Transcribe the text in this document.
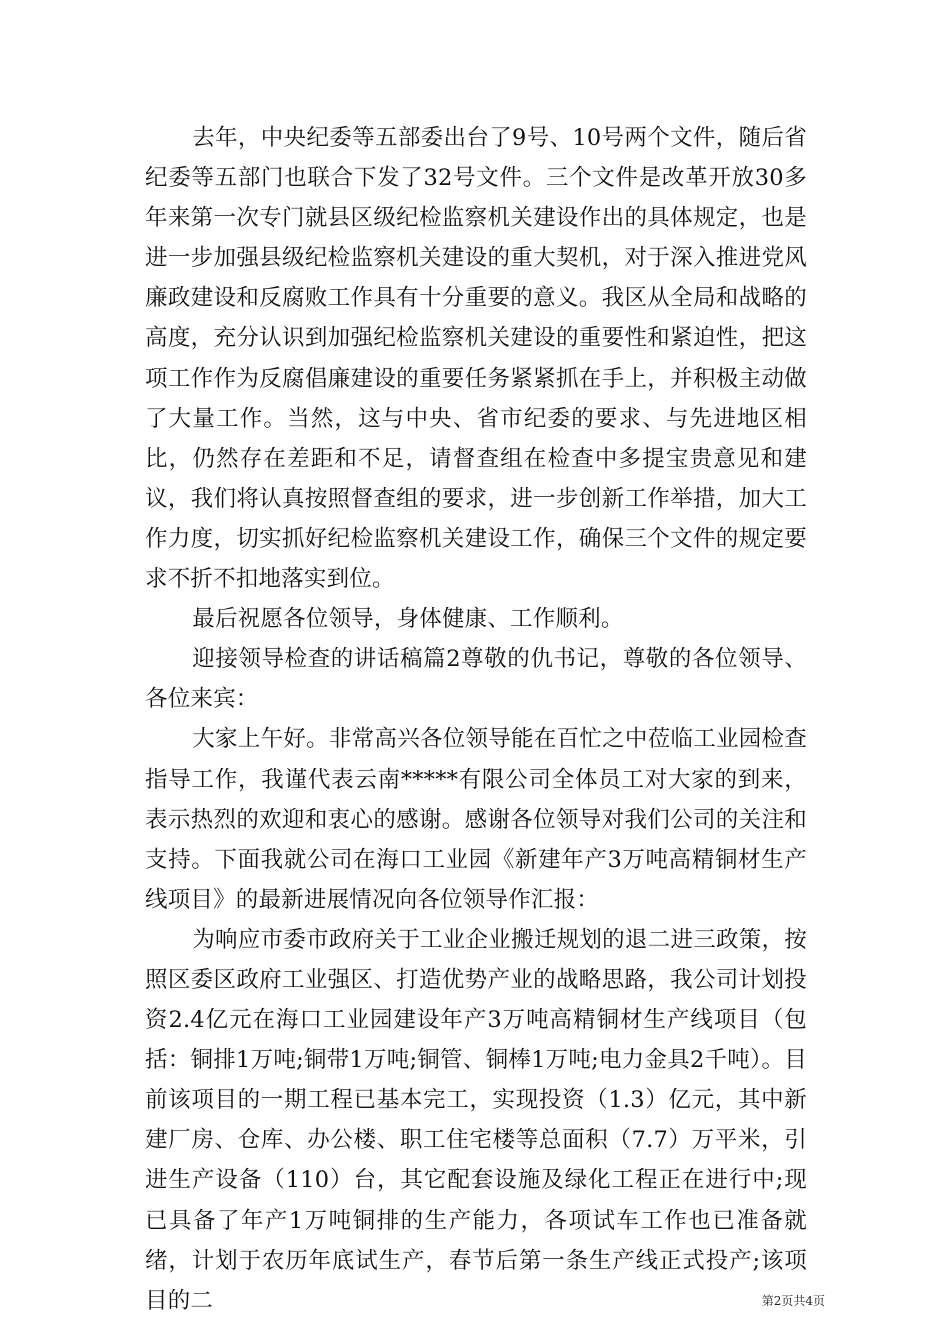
去年，中央纪委等五部委出台了9号、10号两个文件，随后省纪委等五部门也联合下发了32号文件。三个文件是改革开放30多年来第一次专门就县区级纪检监察机关建设作出的具体规定，也是进一步加强县级纪检监察机关建设的重大契机，对于深入推进党风廉政建设和反腐败工作具有十分重要的意义。我区从全局和战略的高度，充分认识到加强纪检监察机关建设的重要性和紧迫性，把这项工作作为反腐倡廉建设的重要任务紧紧抓在手上，并积极主动做了大量工作。当然，这与中央、省市纪委的要求、与先进地区相比，仍然存在差距和不足，请督查组在检查中多提宝贵意见和建议，我们将认真按照督查组的要求，进一步创新工作举措，加大工作力度，切实抓好纪检监察机关建设工作，确保三个文件的规定要求不折不扣地落实到位。

最后祝愿各位领导，身体健康、工作顺利。

迎接领导检查的讲话稿篇2尊敬的仇书记，尊敬的各位领导、各位来宾：

大家上午好。非常高兴各位领导能在百忙之中莅临工业园检查指导工作，我谨代表云南*****有限公司全体员工对大家的到来，表示热烈的欢迎和衷心的感谢。感谢各位领导对我们公司的关注和支持。下面我就公司在海口工业园《新建年产3万吨高精铜材生产线项目》的最新进展情况向各位领导作汇报：

为响应市委市政府关于工业企业搬迁规划的退二进三政策，按照区委区政府工业强区、打造优势产业的战略思路，我公司计划投资2.4亿元在海口工业园建设年产3万吨高精铜材生产线项目（包括：铜排1万吨;铜带1万吨;铜管、铜棒1万吨;电力金具2千吨）。目前该项目的一期工程已基本完工，实现投资（1.3）亿元，其中新建厂房、仓库、办公楼、职工住宅楼等总面积（7.7）万平米，引进生产设备（110）台，其它配套设施及绿化工程正在进行中;现已具备了年产1万吨铜排的生产能力，各项试车工作也已准备就绪，计划于农历年底试生产，春节后第一条生产线正式投产;该项目的二	第2页共4页
